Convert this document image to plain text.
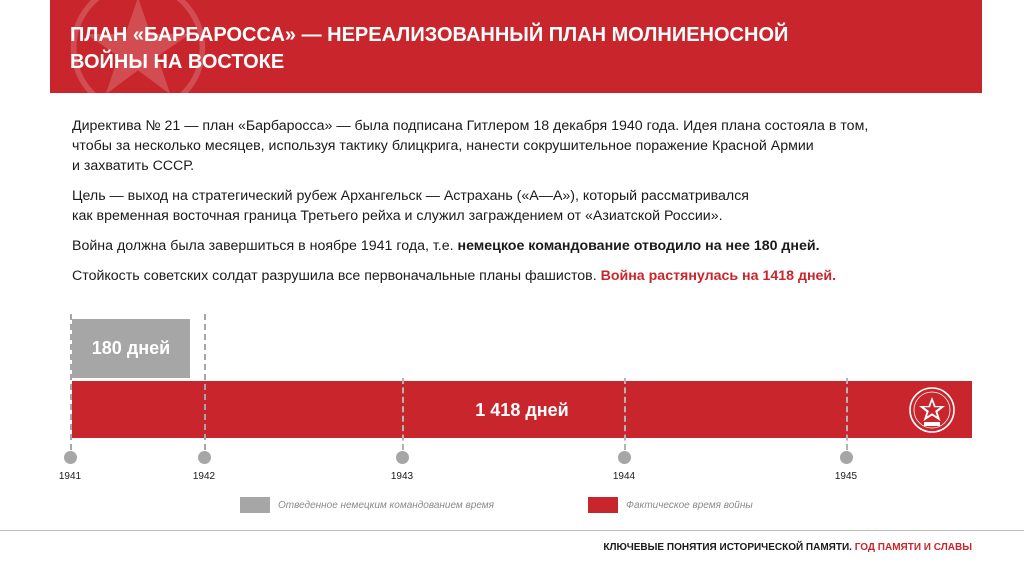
ПЛАН «БАРБАРОССА» — НЕРЕАЛИЗОВАННЫЙ ПЛАН МОЛНИЕНОСНОЙ
ВОЙНЫ НА ВОСТОКЕ

Директива № 21 — план «Барбаросса» — была подписана Гитлером 18 декабря 1940 года. Идея плана состояла в том,
чтобы за несколько месяцев, используя тактику блицкрига, нанести сокрушительное поражение Красной Армии
и захватить СССР.

Цель — выход на стратегический рубеж Архангельск — Астрахань («А—А»), который рассматривался
как временная восточная граница Третьего рейха и служил заграждением от «Азиатской России».

Война должна была завершиться в ноябре 1941 года, т.е. немецкое командование отводило на нее 180 дней.

Стойкость советских солдат разрушила все первоначальные планы фашистов. Война растянулась на 1418 дней.

180 дней
1 418 дней
1941	1942	1943	1944	1945
Отведенное немецким командованием время	Фактическое время войны
КЛЮЧЕВЫЕ ПОНЯТИЯ ИСТОРИЧЕСКОЙ ПАМЯТИ. ГОД ПАМЯТИ И СЛАВЫ
